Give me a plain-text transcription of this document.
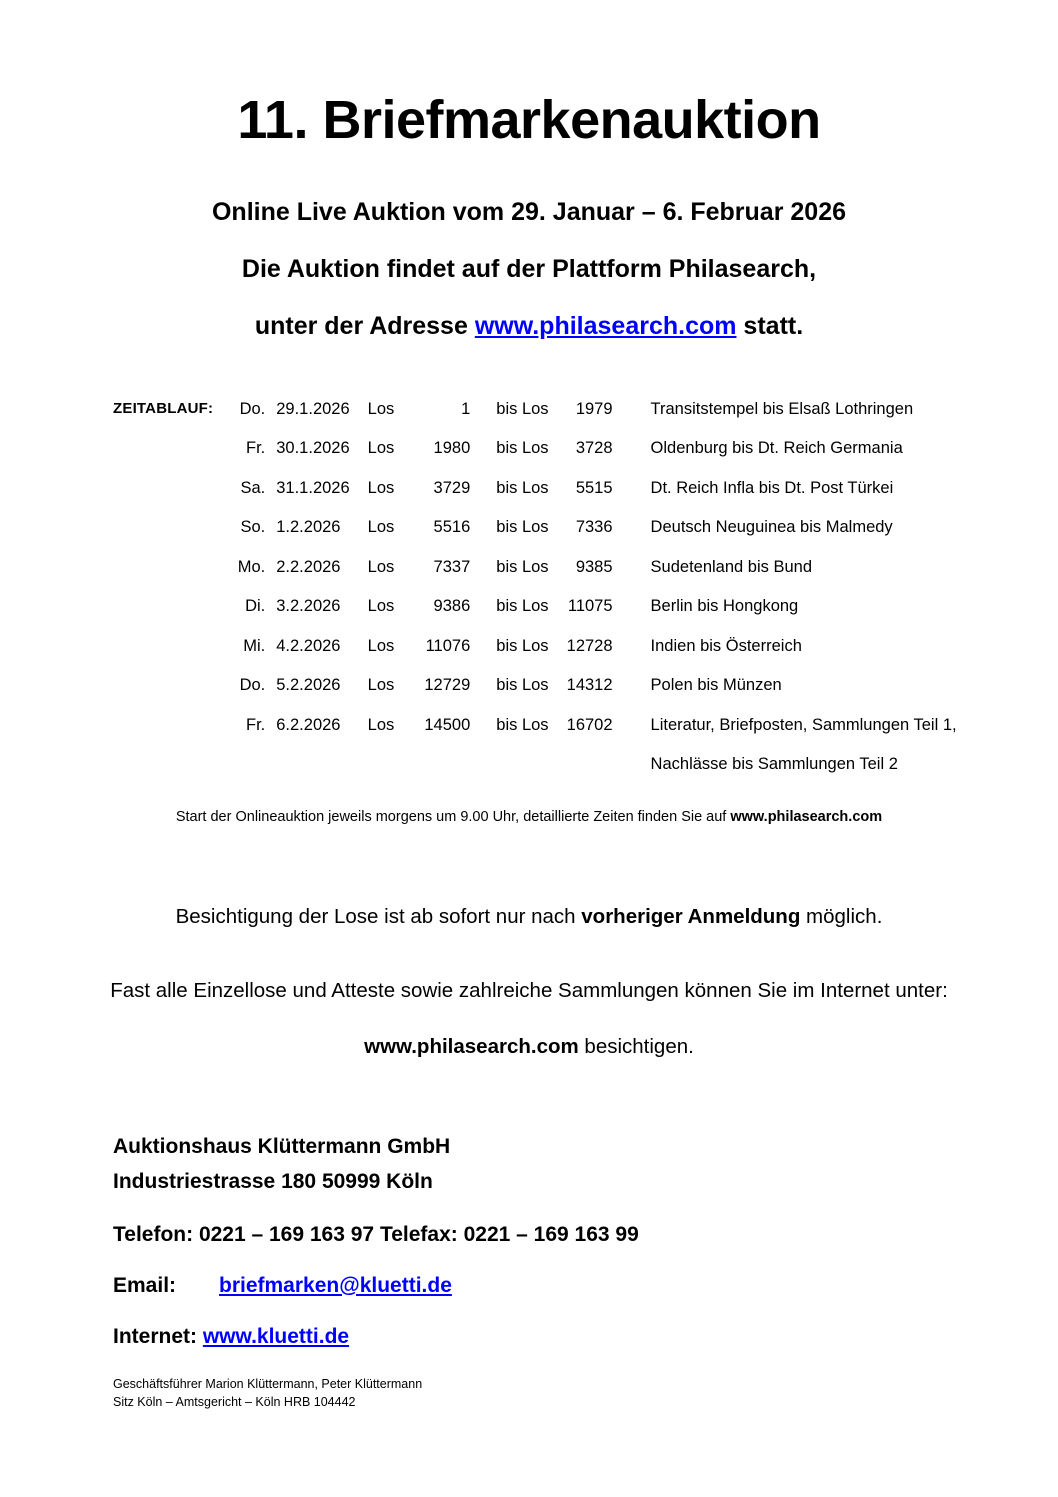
11. Briefmarkenauktion

Online Live Auktion vom 29. Januar – 6. Februar 2026

Die Auktion findet auf der Plattform Philasearch,

unter der Adresse www.philasearch.com statt.

ZEITABLAUF:	Do.	29.1.2026	Los	1	bis Los	1979	Transitstempel bis Elsaß Lothringen
	Fr.	30.1.2026	Los	1980	bis Los	3728	Oldenburg bis Dt. Reich Germania
	Sa.	31.1.2026	Los	3729	bis Los	5515	Dt. Reich Infla bis Dt. Post Türkei
	So.	1.2.2026	Los	5516	bis Los	7336	Deutsch Neuguinea bis Malmedy
	Mo.	2.2.2026	Los	7337	bis Los	9385	Sudetenland bis Bund
	Di.	3.2.2026	Los	9386	bis Los	11075	Berlin bis Hongkong
	Mi.	4.2.2026	Los	11076	bis Los	12728	Indien bis Österreich
	Do.	5.2.2026	Los	12729	bis Los	14312	Polen bis Münzen
	Fr.	6.2.2026	Los	14500	bis Los	16702	Literatur, Briefposten, Sammlungen Teil 1,
							Nachlässe bis Sammlungen Teil 2
Start der Onlineauktion jeweils morgens um 9.00 Uhr, detaillierte Zeiten finden Sie auf www.philasearch.com

Besichtigung der Lose ist ab sofort nur nach vorheriger Anmeldung möglich.

Fast alle Einzellose und Atteste sowie zahlreiche Sammlungen können Sie im Internet unter:

www.philasearch.com besichtigen.

Auktionshaus Klüttermann GmbH
Industriestrasse 180 50999 Köln
Telefon: 0221 – 169 163 97 Telefax: 0221 – 169 163 99
Email: briefmarken@kluetti.de
Internet: www.kluetti.de
Geschäftsführer Marion Klüttermann, Peter Klüttermann
Sitz Köln – Amtsgericht – Köln HRB 104442
